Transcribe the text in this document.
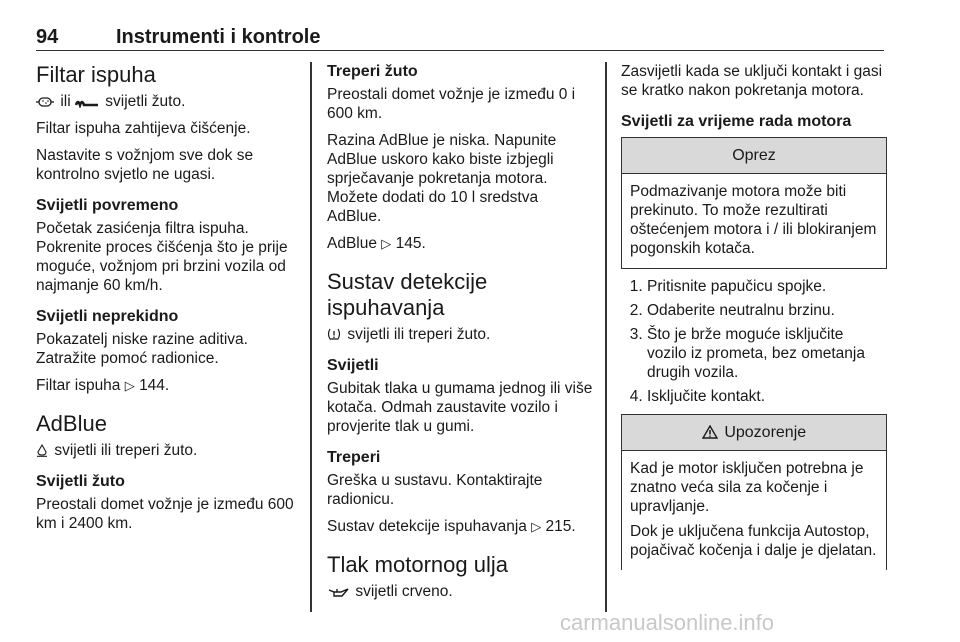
94	Instrumenti i kontrole
Filtar ispuha

ili svijetli žuto.

Filtar ispuha zahtijeva čišćenje.

Nastavite s vožnjom sve dok se kontrolno svjetlo ne ugasi.

Svijetli povremeno

Početak zasićenja filtra ispuha. Pokrenite proces čišćenja što je prije moguće, vožnjom pri brzini vozila od najmanje 60 km/h.

Svijetli neprekidno

Pokazatelj niske razine aditiva. Zatražite pomoć radionice.

Filtar ispuha ▷ 144.

AdBlue

svijetli ili treperi žuto.

Svijetli žuto

Preostali domet vožnje je između 600 km i 2400 km.

Treperi žuto

Preostali domet vožnje je između 0 i 600 km.

Razina AdBlue je niska. Napunite AdBlue uskoro kako biste izbjegli sprječavanje pokretanja motora. Možete dodati do 10 l sredstva AdBlue.

AdBlue ▷ 145.

Sustav detekcije ispuhavanja

svijetli ili treperi žuto.

Svijetli

Gubitak tlaka u gumama jednog ili više kotača. Odmah zaustavite vozilo i provjerite tlak u gumi.

Treperi

Greška u sustavu. Kontaktirajte radionicu.

Sustav detekcije ispuhavanja ▷ 215.

Tlak motornog ulja

svijetli crveno.

Zasvijetli kada se uključi kontakt i gasi se kratko nakon pokretanja motora.

Svijetli za vrijeme rada motora
Oprez

Podmazivanje motora može biti prekinuto. To može rezultirati oštećenjem motora i / ili blokiranjem pogonskih kotača.

1. Pritisnite papučicu spojke.
2. Odaberite neutralnu brzinu.
3. Što je brže moguće isključite vozilo iz prometa, bez ometanja drugih vozila.
4. Isključite kontakt.
Upozorenje

Kad je motor isključen potrebna je znatno veća sila za kočenje i upravljanje.

Dok je uključena funkcija Autostop, pojačivač kočenja i dalje je djelatan.

carmanualsonline.info
